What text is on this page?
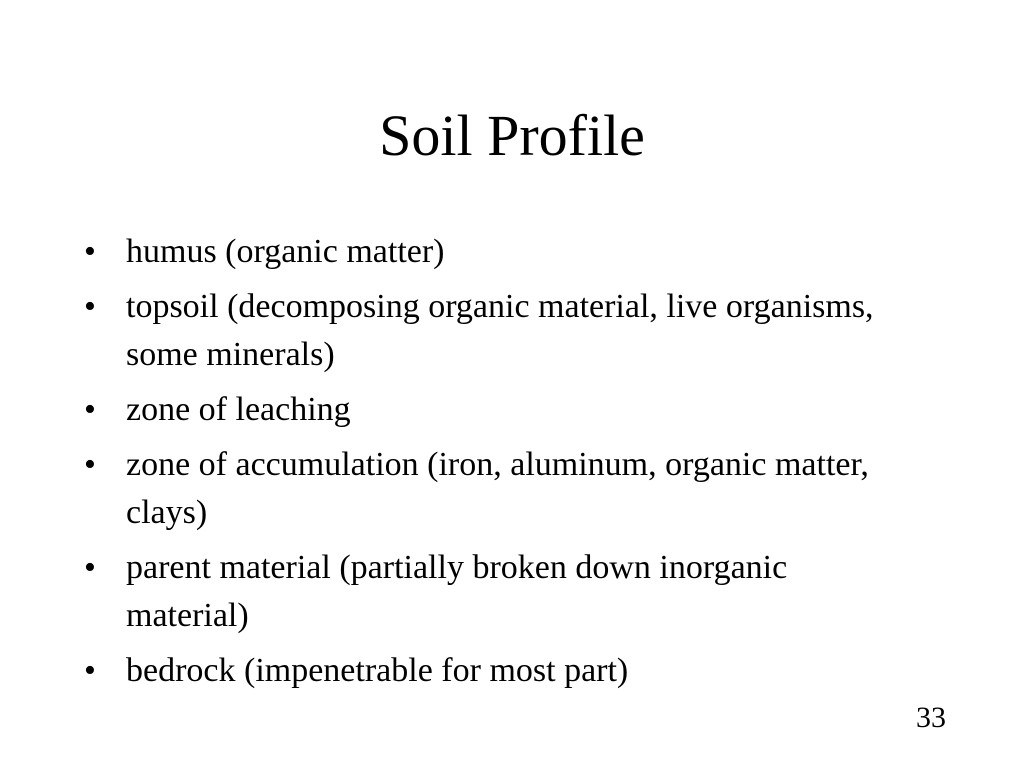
Soil Profile
• humus (organic matter)
• topsoil (decomposing organic material, live organisms, some minerals)
• zone of leaching
• zone of accumulation (iron, aluminum, organic matter, clays)
• parent material (partially broken down inorganic material)
• bedrock (impenetrable for most part)
33
